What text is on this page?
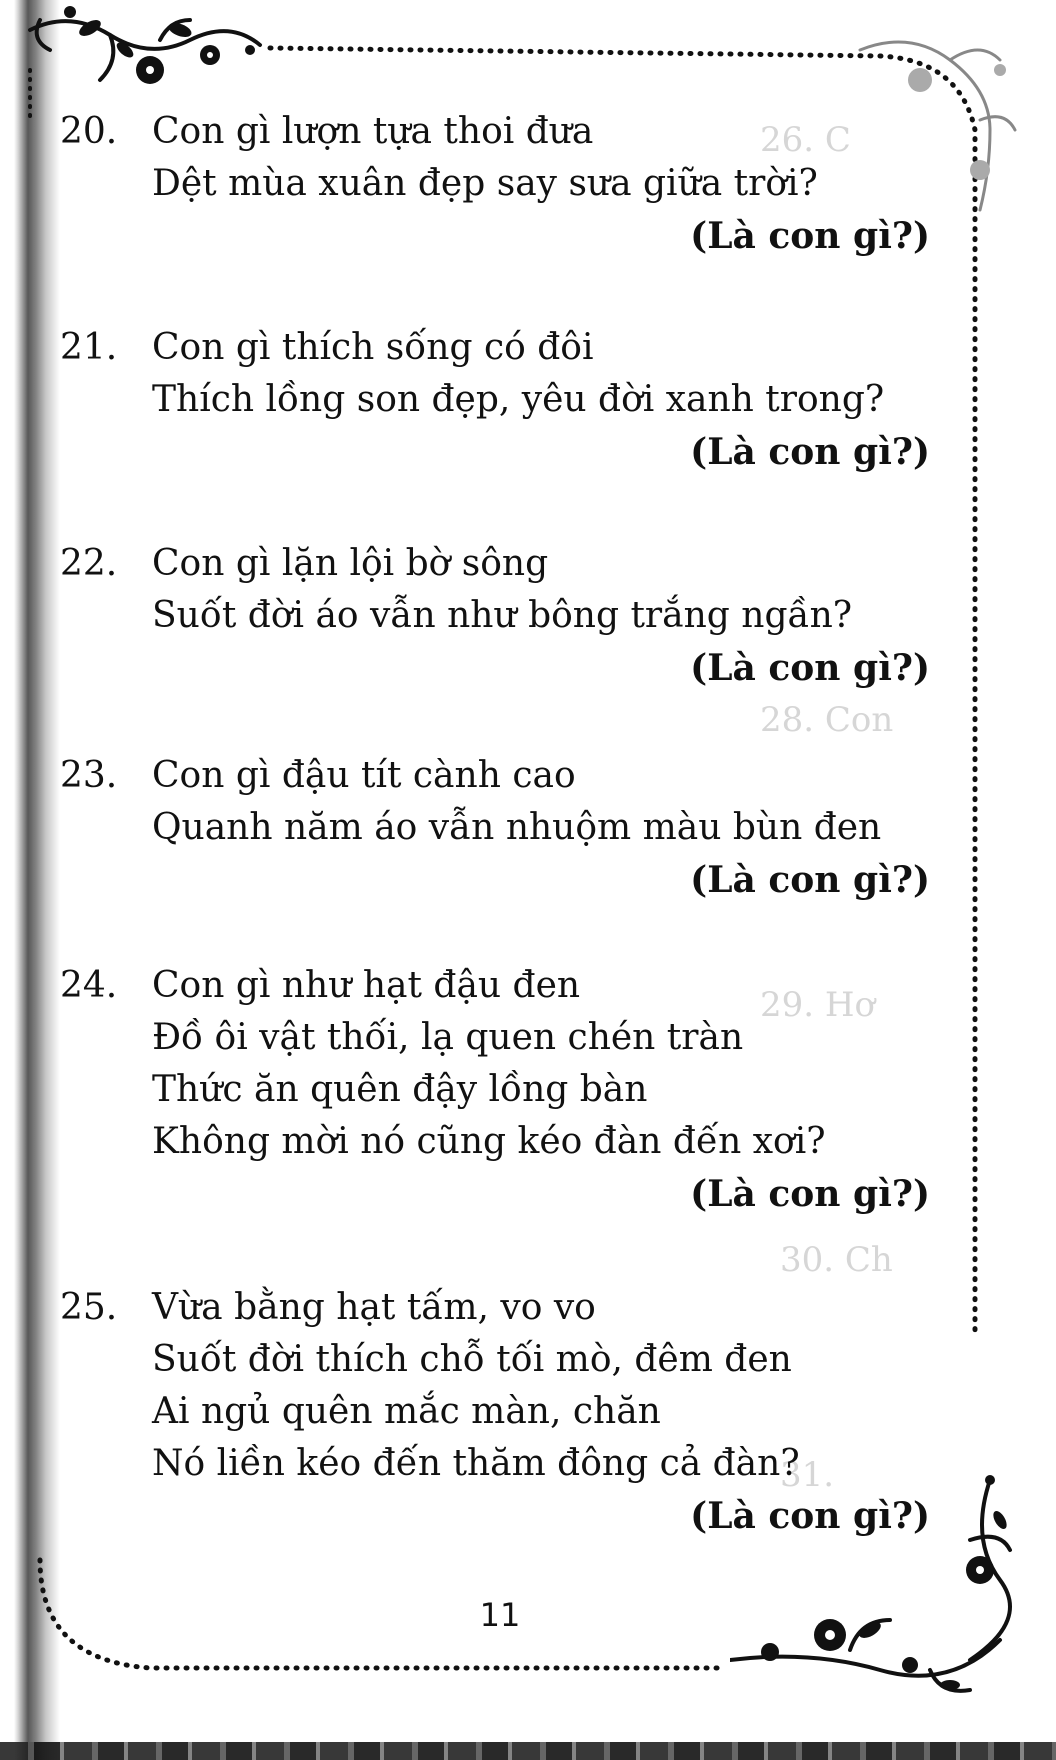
26. C
28. Con
29. Hơ
30. Ch
31.
20. Con gì lượn tựa thoi đưa
Dệt mùa xuân đẹp say sưa giữa trời?
(Là con gì?)
21. Con gì thích sống có đôi
Thích lồng son đẹp, yêu đời xanh trong?
(Là con gì?)
22. Con gì lặn lội bờ sông
Suốt đời áo vẫn như bông trắng ngần?
(Là con gì?)
23. Con gì đậu tít cành cao
Quanh năm áo vẫn nhuộm màu bùn đen
(Là con gì?)
24. Con gì như hạt đậu đen
Đồ ôi vật thối, lạ quen chén tràn
Thức ăn quên đậy lồng bàn
Không mời nó cũng kéo đàn đến xơi?
(Là con gì?)
25. Vừa bằng hạt tấm, vo vo
Suốt đời thích chỗ tối mò, đêm đen
Ai ngủ quên mắc màn, chăn
Nó liền kéo đến thăm đông cả đàn?
(Là con gì?)
11
